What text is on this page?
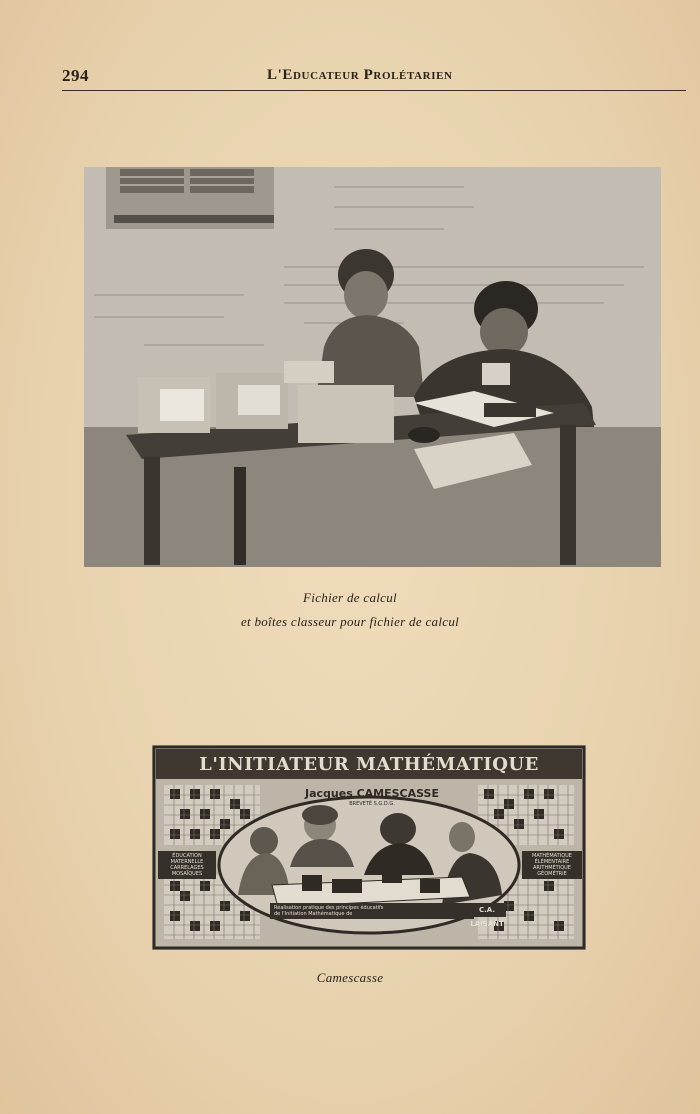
294	L'Educateur Prolétarien
Fichier de calcul
et boîtes classeur pour fichier de calcul
L'INITIATEUR MATHÉMATIQUE
Jacques CAMESCASSE
BREVETÉ S.G.D.G.
ÉDUCATION
MATERNELLE
CARRELAGES
MOSAÏQUES
MATHÉMATIQUE
ÉLÉMENTAIRE
ARITHMÉTIQUE
GÉOMÉTRIE
Réalisation pratique des principes éducatifs
de l'Initiation Mathématique de	C.A. LAISANT
Camescasse
